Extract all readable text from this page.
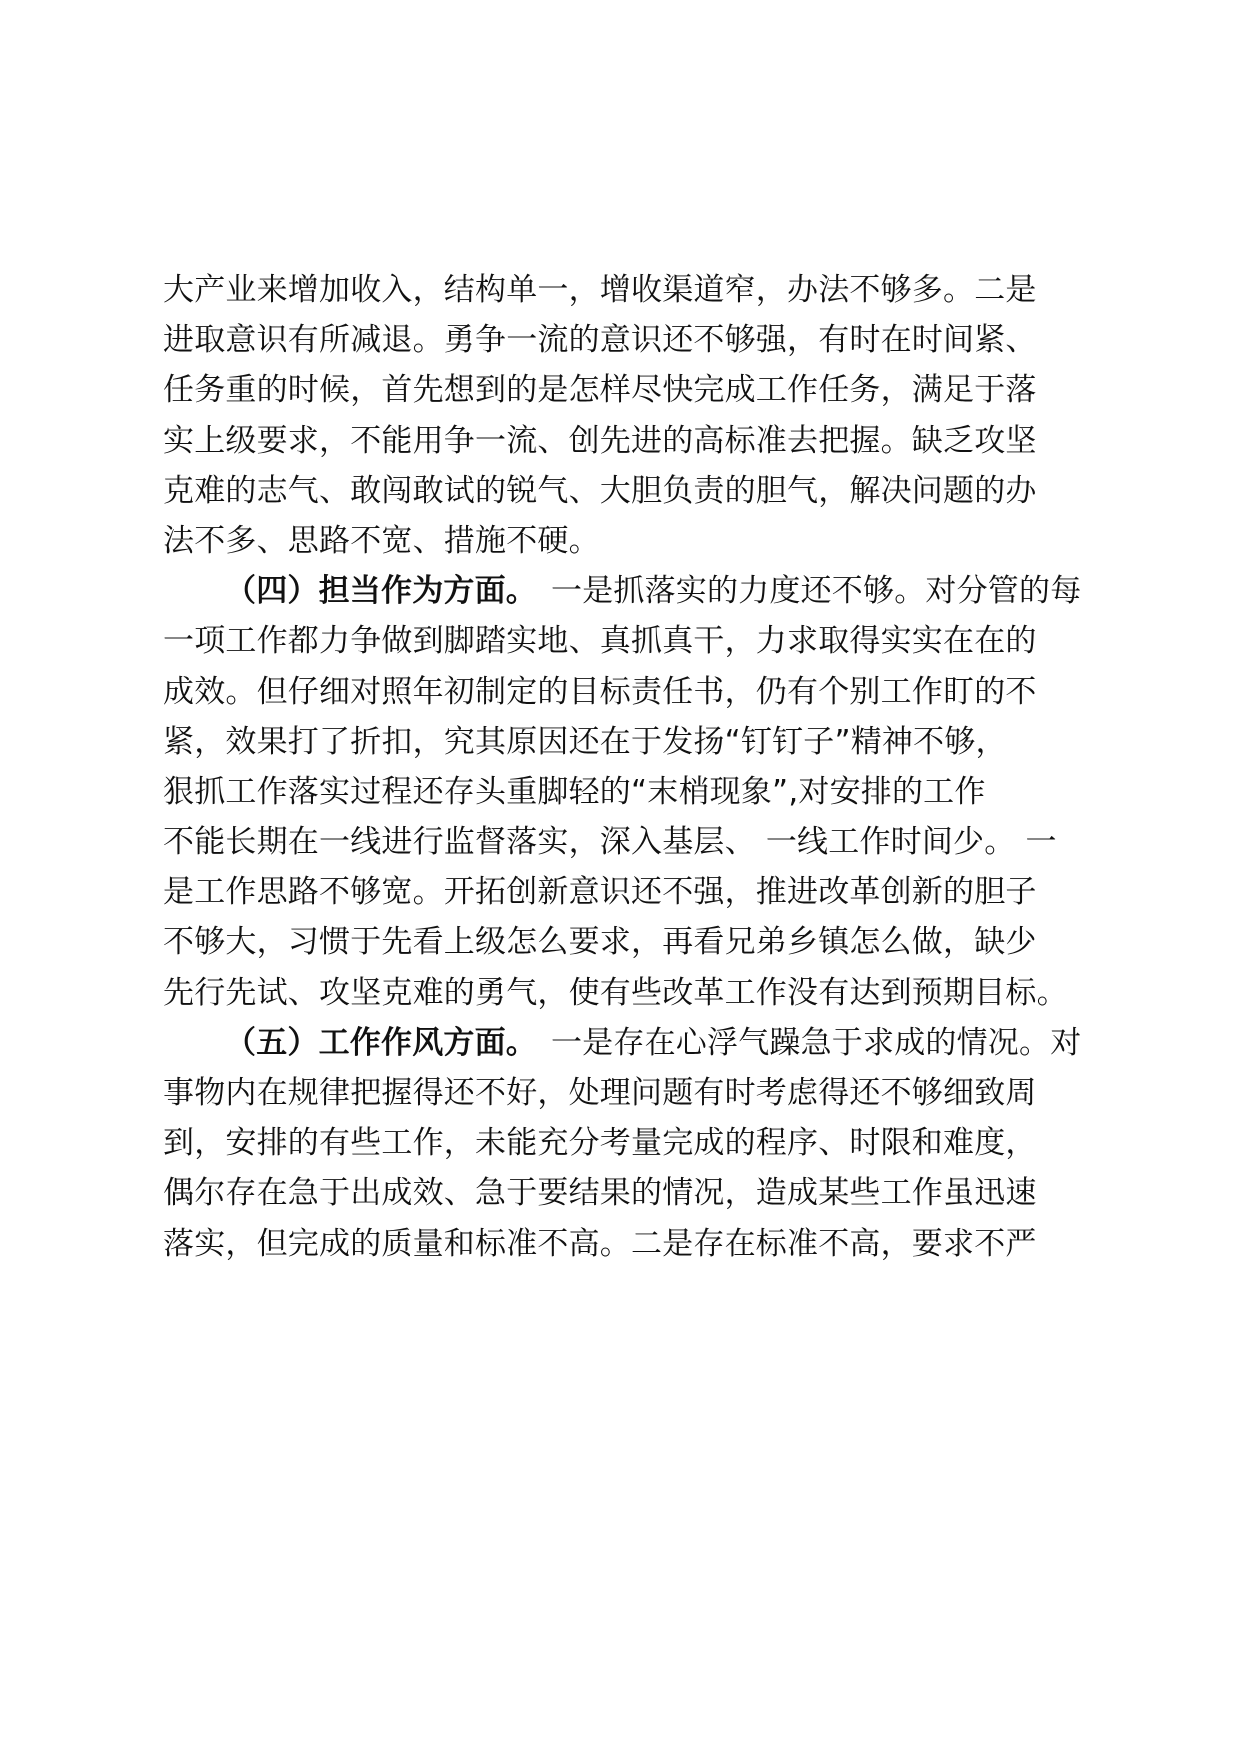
大产业来增加收入，结构单一，增收渠道窄，办法不够多。二是
进取意识有所减退。勇争一流的意识还不够强，有时在时间紧、
任务重的时候，首先想到的是怎样尽快完成工作任务，满足于落
实上级要求，不能用争一流、创先进的高标准去把握。缺乏攻坚
克难的志气、敢闯敢试的锐气、大胆负责的胆气，解决问题的办
法不多、思路不宽、措施不硬。
（四）担当作为方面。 一是抓落实的力度还不够。对分管的每
一项工作都力争做到脚踏实地、真抓真干，力求取得实实在在的
成效。但仔细对照年初制定的目标责任书，仍有个别工作盯的不
紧，效果打了折扣，究其原因还在于发扬“钉钉子”精神不够，
狠抓工作落实过程还存头重脚轻的“末梢现象”,对安排的工作
不能长期在一线进行监督落实，深入基层、 一线工作时间少。 一
是工作思路不够宽。开拓创新意识还不强，推进改革创新的胆子
不够大，习惯于先看上级怎么要求，再看兄弟乡镇怎么做，缺少
先行先试、攻坚克难的勇气，使有些改革工作没有达到预期目标。
（五）工作作风方面。 一是存在心浮气躁急于求成的情况。对
事物内在规律把握得还不好，处理问题有时考虑得还不够细致周
到，安排的有些工作，未能充分考量完成的程序、时限和难度，
偶尔存在急于出成效、急于要结果的情况，造成某些工作虽迅速
落实，但完成的质量和标准不高。二是存在标准不高，要求不严
